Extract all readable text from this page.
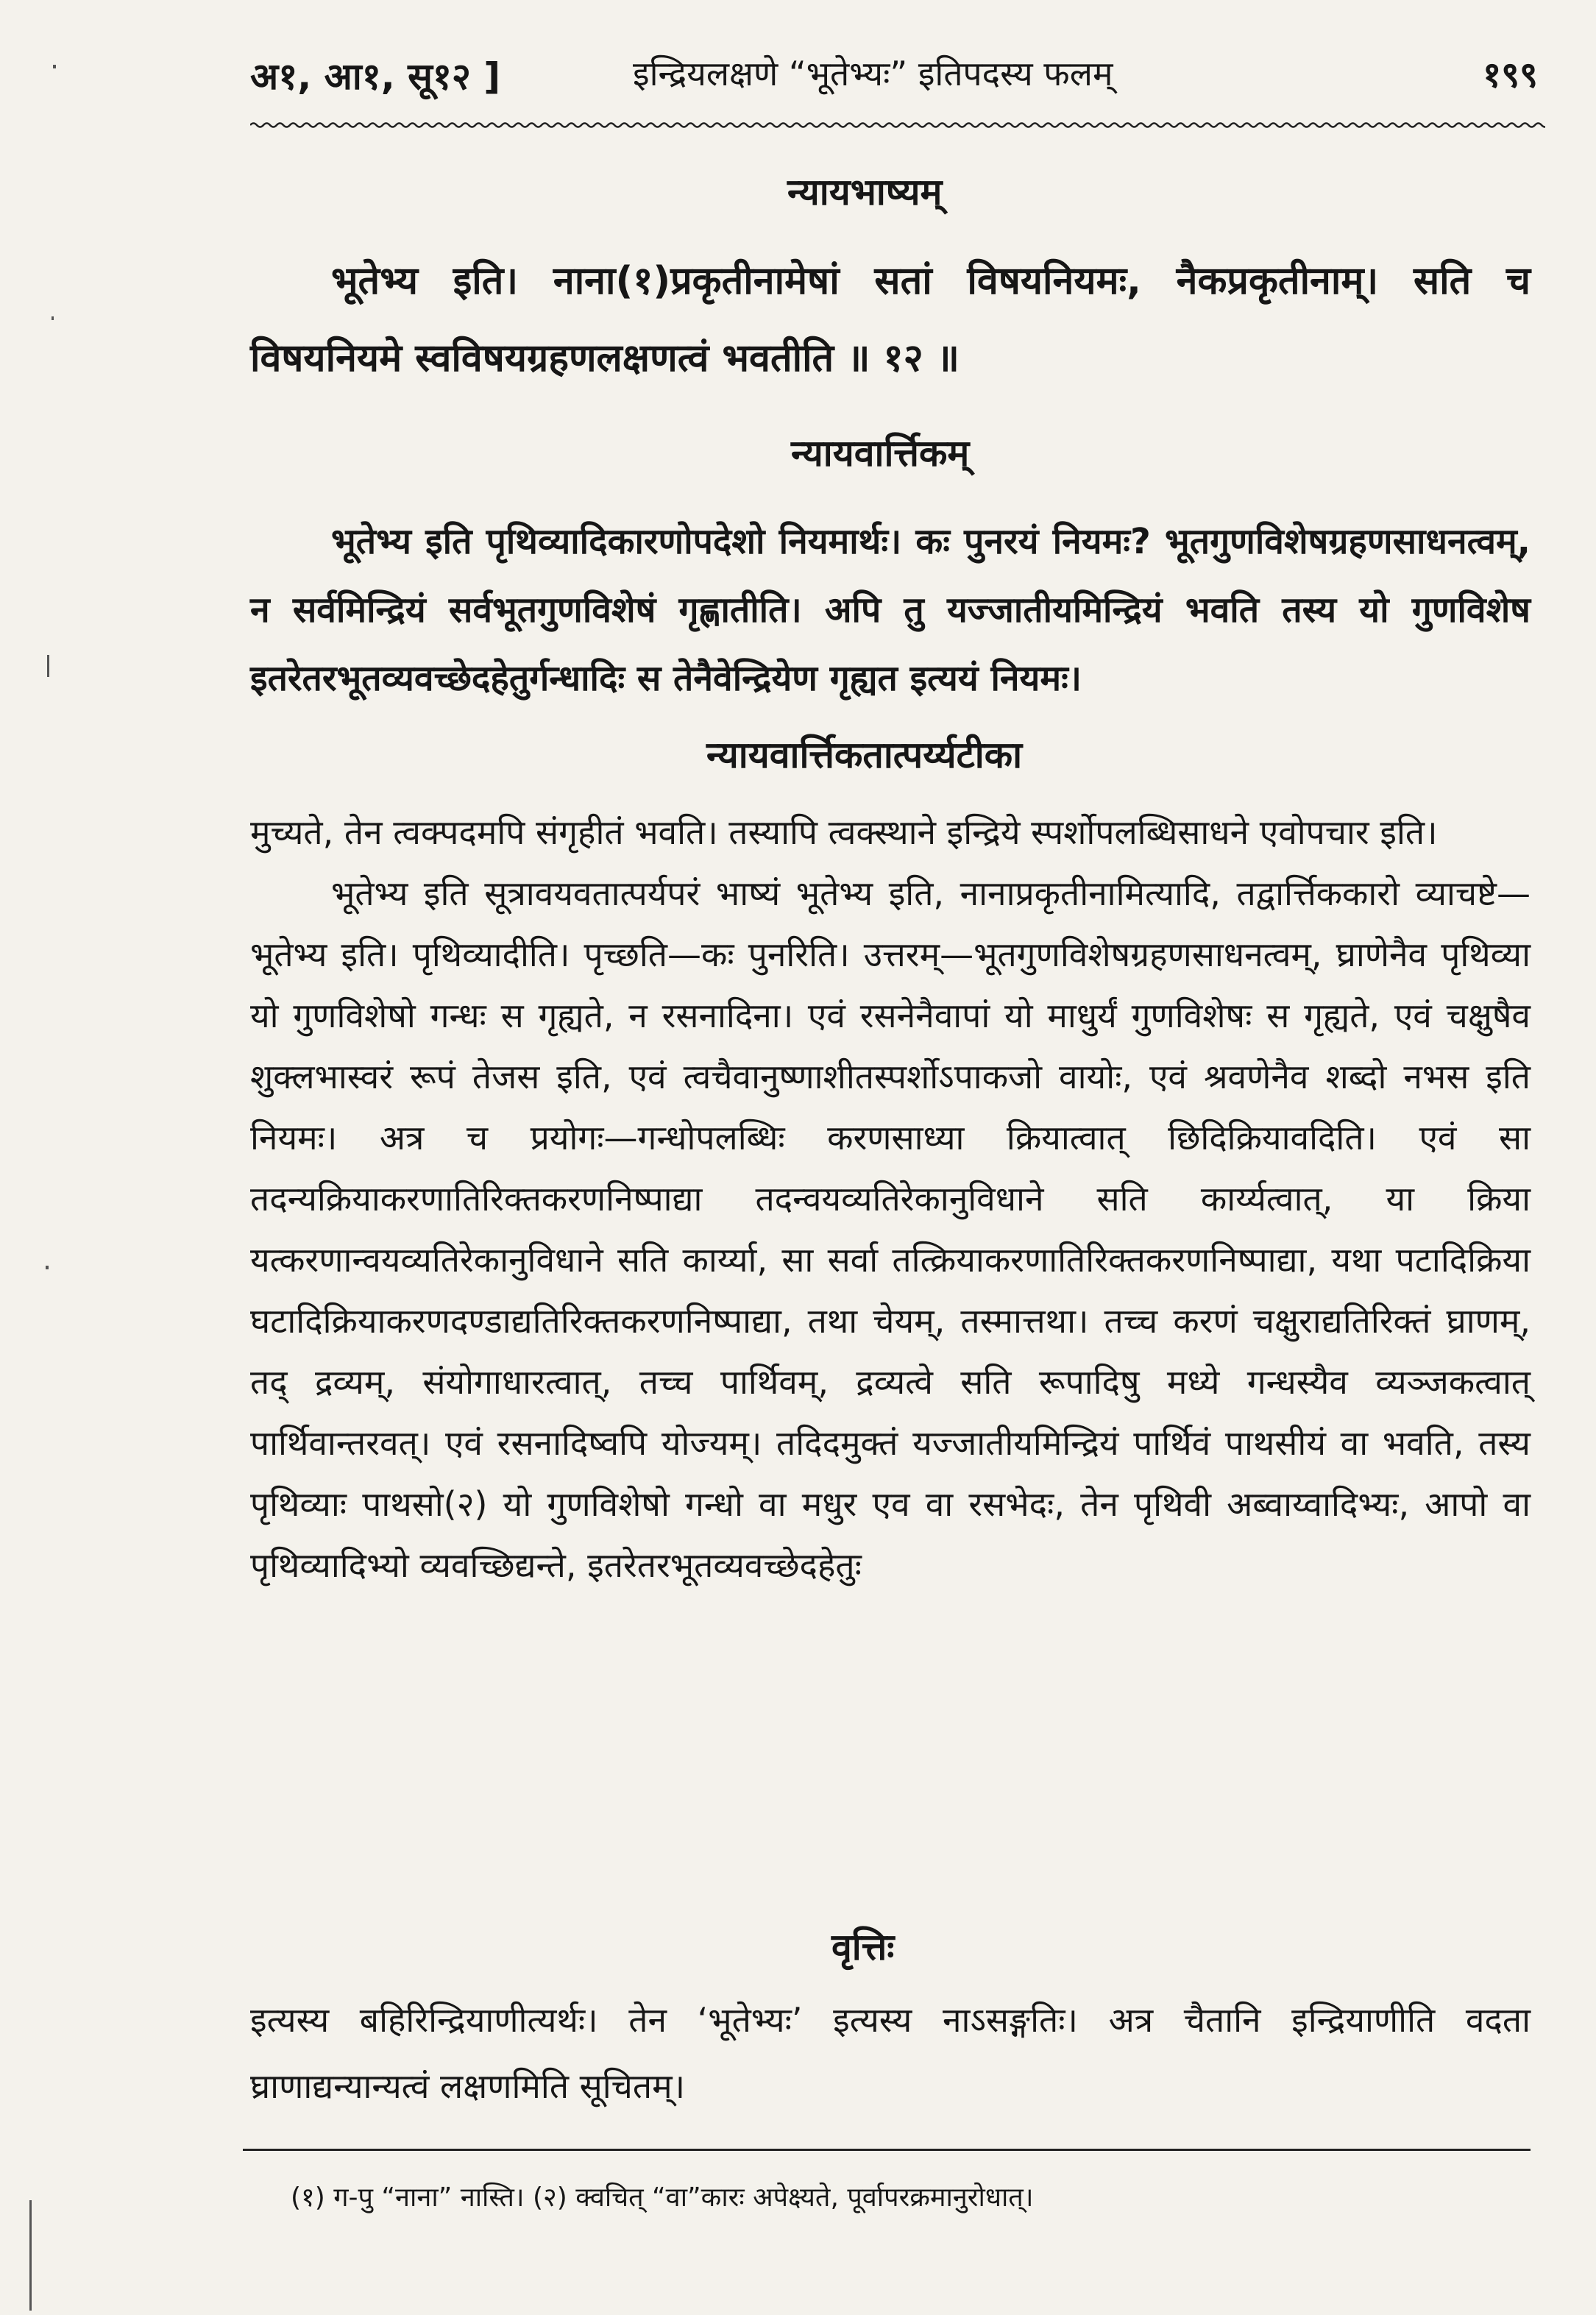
अ१, आ१, सू१२ ]	इन्द्रियलक्षणे “भूतेभ्यः” इतिपदस्य फलम्	१९९
न्यायभाष्यम्
भूतेभ्य इति। नाना(१)प्रकृतीनामेषां सतां विषयनियमः, नैकप्रकृतीनाम्। सति च विषयनियमे स्वविषयग्रहणलक्षणत्वं भवतीति ॥ १२ ॥
न्यायवार्त्तिकम्
भूतेभ्य इति पृथिव्यादिकारणोपदेशो नियमार्थः। कः पुनरयं नियमः? भूतगुणविशेषग्रहणसाधनत्वम्, न सर्वमिन्द्रियं सर्वभूतगुणविशेषं गृह्णातीति। अपि तु यज्जातीयमिन्द्रियं भवति तस्य यो गुणविशेष इतरेतरभूतव्यवच्छेदहेतुर्गन्धादिः स तेनैवेन्द्रियेण गृह्यत इत्ययं नियमः।
न्यायवार्त्तिकतात्पर्य्यटीका
मुच्यते, तेन त्वक्पदमपि संगृहीतं भवति। तस्यापि त्वक्स्थाने इन्द्रिये स्पर्शोपलब्धिसाधने एवोपचार इति।
भूतेभ्य इति सूत्रावयवतात्पर्यपरं भाष्यं भूतेभ्य इति, नानाप्रकृतीनामित्यादि, तद्वार्त्तिककारो व्याचष्टे—भूतेभ्य इति। पृथिव्यादीति। पृच्छति—कः पुनरिति। उत्तरम्—भूतगुणविशेषग्रहणसाधनत्वम्, घ्राणेनैव पृथिव्या यो गुणविशेषो गन्धः स गृह्यते, न रसनादिना। एवं रसनेनैवापां यो माधुर्यं गुणविशेषः स गृह्यते, एवं चक्षुषैव शुक्लभास्वरं रूपं तेजस इति, एवं त्वचैवानुष्णाशीतस्पर्शोऽपाकजो वायोः, एवं श्रवणेनैव शब्दो नभस इति नियमः। अत्र च प्रयोगः—गन्धोपलब्धिः करणसाध्या क्रियात्वात् छिदिक्रियावदिति। एवं सा तदन्यक्रियाकरणातिरिक्तकरणनिष्पाद्या तदन्वयव्यतिरेकानुविधाने सति कार्य्यत्वात्, या क्रिया यत्करणान्वयव्यतिरेकानुविधाने सति कार्य्या, सा सर्वा तत्क्रियाकरणातिरिक्तकरणनिष्पाद्या, यथा पटादिक्रिया घटादिक्रियाकरणदण्डाद्यतिरिक्तकरणनिष्पाद्या, तथा चेयम्, तस्मात्तथा। तच्च करणं चक्षुराद्यतिरिक्तं घ्राणम्, तद् द्रव्यम्, संयोगाधारत्वात्, तच्च पार्थिवम्, द्रव्यत्वे सति रूपादिषु मध्ये गन्धस्यैव व्यञ्जकत्वात् पार्थिवान्तरवत्। एवं रसनादिष्वपि योज्यम्। तदिदमुक्तं यज्जातीयमिन्द्रियं पार्थिवं पाथसीयं वा भवति, तस्य पृथिव्याः पाथसो(२) यो गुणविशेषो गन्धो वा मधुर एव वा रसभेदः, तेन पृथिवी अब्वाय्वादिभ्यः, आपो वा पृथिव्यादिभ्यो व्यवच्छिद्यन्ते, इतरेतरभूतव्यवच्छेदहेतुः
वृत्तिः
इत्यस्य बहिरिन्द्रियाणीत्यर्थः। तेन ‘भूतेभ्यः’ इत्यस्य नाऽसङ्गतिः। अत्र चैतानि इन्द्रियाणीति वदता घ्राणाद्यन्यान्यत्वं लक्षणमिति सूचितम्।
(१) ग-पु “नाना” नास्ति। (२) क्वचित् “वा”कारः अपेक्ष्यते, पूर्वापरक्रमानुरोधात्।
